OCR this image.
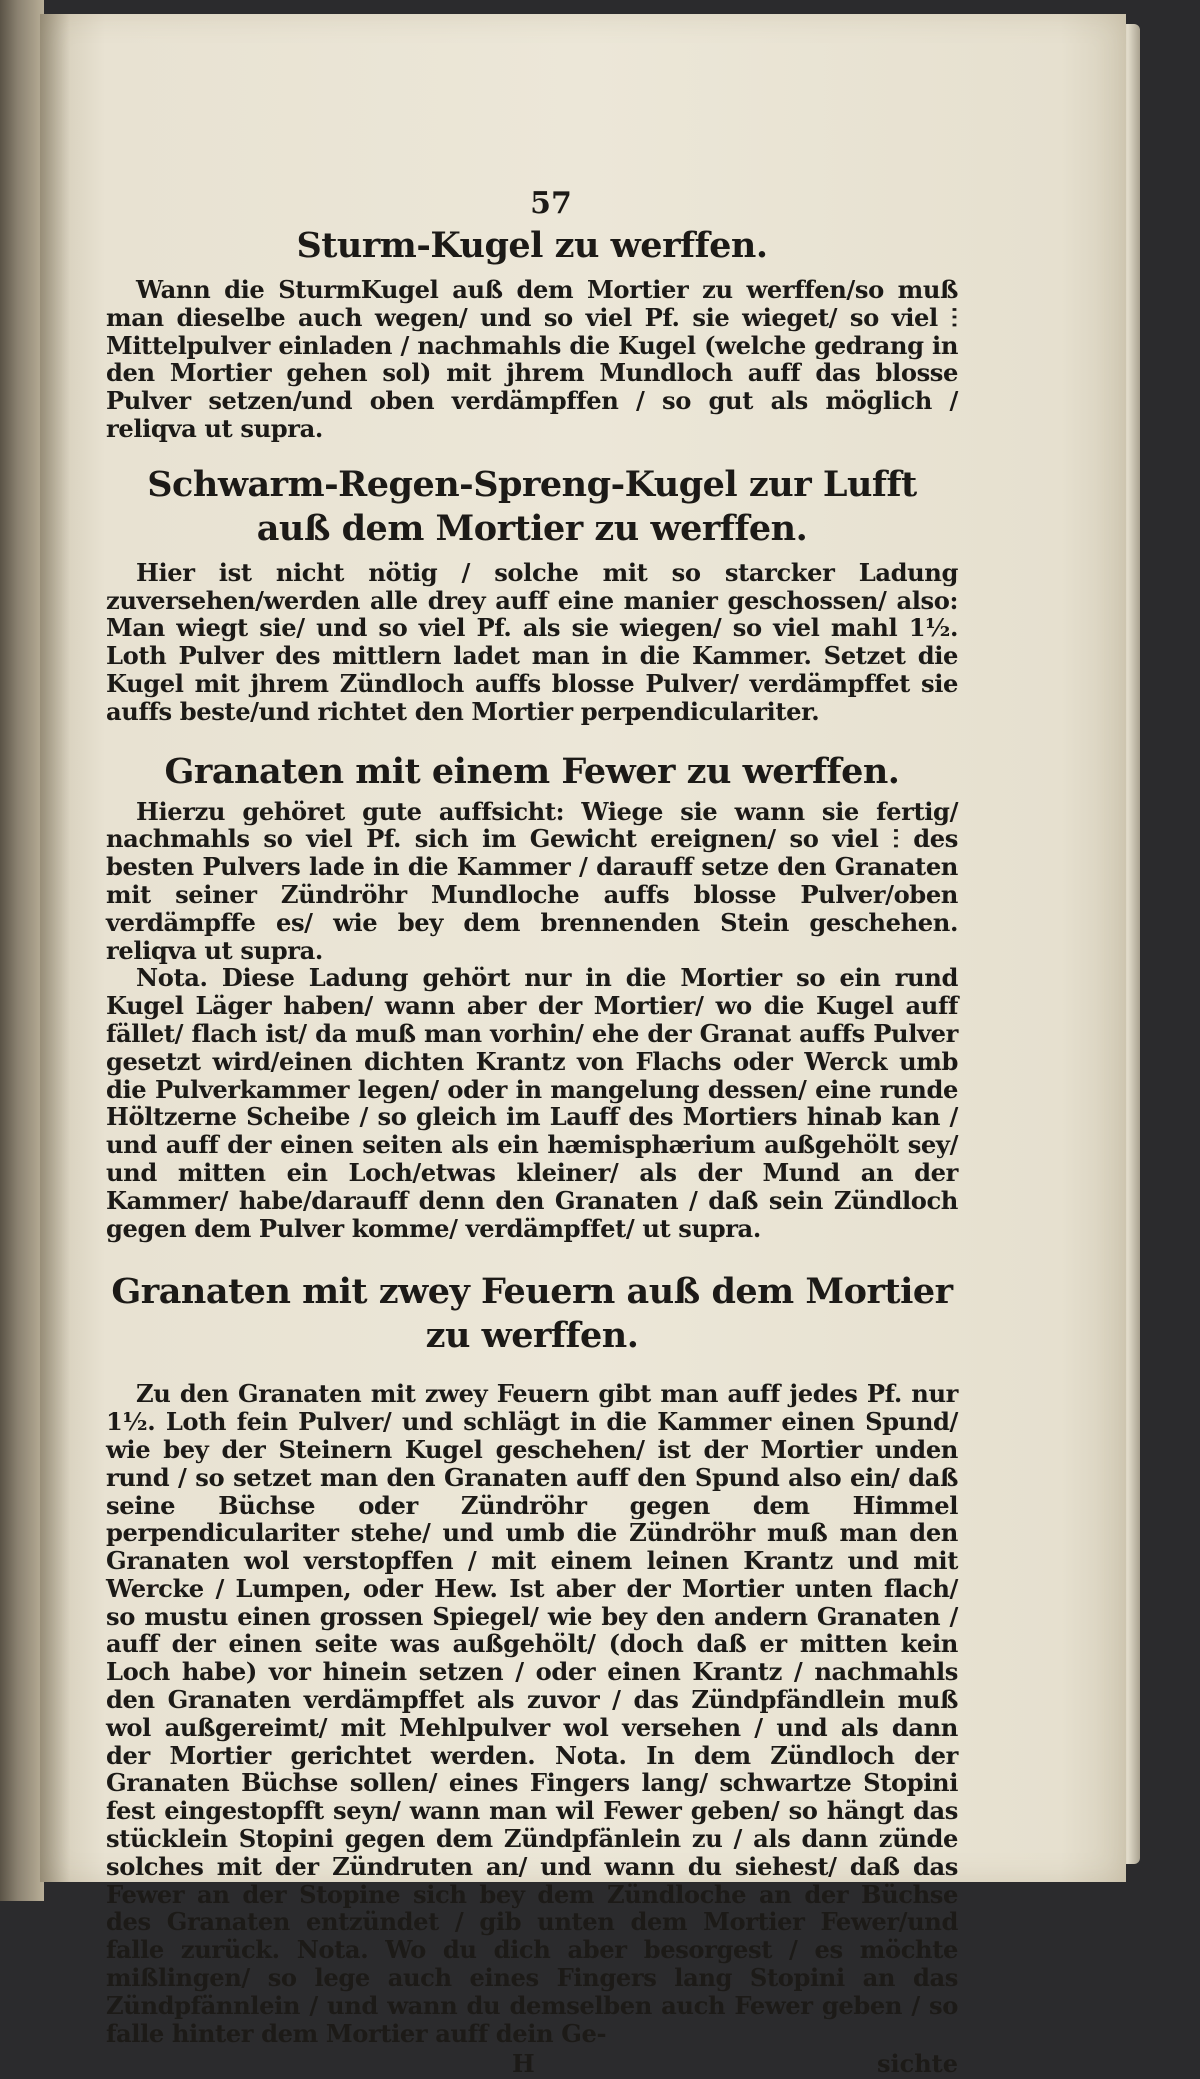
57
Sturm-Kugel zu werffen.

Wann die SturmKugel auß dem Mortier zu werffen/so muß man dieselbe auch wegen/ und so viel Pf. sie wieget/ so viel ⵗ Mittelpulver einladen / nachmahls die Kugel (welche gedrang in den Mortier gehen sol) mit jhrem Mundloch auff das blosse Pulver setzen/und oben verdämpffen / so gut als möglich / reliqva ut supra.

Schwarm-Regen-Spreng-Kugel zur Lufft auß dem Mortier zu werffen.

Hier ist nicht nötig / solche mit so starcker Ladung zuversehen/werden alle drey auff eine manier geschossen/ also: Man wiegt sie/ und so viel Pf. als sie wiegen/ so viel mahl 1½. Loth Pulver des mittlern ladet man in die Kammer. Setzet die Kugel mit jhrem Zündloch auffs blosse Pulver/ verdämpffet sie auffs beste/und richtet den Mortier perpendiculariter.

Granaten mit einem Fewer zu werffen.

Hierzu gehöret gute auffsicht: Wiege sie wann sie fertig/ nachmahls so viel Pf. sich im Gewicht ereignen/ so viel ⵗ des besten Pulvers lade in die Kammer / darauff setze den Granaten mit seiner Zündröhr Mundloche auffs blosse Pulver/oben verdämpffe es/ wie bey dem brennenden Stein geschehen. reliqva ut supra.

Nota. Diese Ladung gehört nur in die Mortier so ein rund Kugel Läger haben/ wann aber der Mortier/ wo die Kugel auff fället/ flach ist/ da muß man vorhin/ ehe der Granat auffs Pulver gesetzt wird/einen dichten Krantz von Flachs oder Werck umb die Pulverkammer legen/ oder in mangelung dessen/ eine runde Höltzerne Scheibe / so gleich im Lauff des Mortiers hinab kan / und auff der einen seiten als ein hæmisphærium außgehölt sey/ und mitten ein Loch/etwas kleiner/ als der Mund an der Kammer/ habe/darauff denn den Granaten / daß sein Zündloch gegen dem Pulver komme/ verdämpffet/ ut supra.

Granaten mit zwey Feuern auß dem Mortier zu werffen.

Zu den Granaten mit zwey Feuern gibt man auff jedes Pf. nur 1½. Loth fein Pulver/ und schlägt in die Kammer einen Spund/ wie bey der Steinern Kugel geschehen/ ist der Mortier unden rund / so setzet man den Granaten auff den Spund also ein/ daß seine Büchse oder Zündröhr gegen dem Himmel perpendiculariter stehe/ und umb die Zündröhr muß man den Granaten wol verstopffen / mit einem leinen Krantz und mit Wercke / Lumpen, oder Hew. Ist aber der Mortier unten flach/ so mustu einen grossen Spiegel/ wie bey den andern Granaten / auff der einen seite was außgehölt/ (doch daß er mitten kein Loch habe) vor hinein setzen / oder einen Krantz / nachmahls den Granaten verdämpffet als zuvor / das Zündpfändlein muß wol außgereimt/ mit Mehlpulver wol versehen / und als dann der Mortier gerichtet werden. Nota. In dem Zündloch der Granaten Büchse sollen/ eines Fingers lang/ schwartze Stopini fest eingestopfft seyn/ wann man wil Fewer geben/ so hängt das stücklein Stopini gegen dem Zündpfänlein zu / als dann zünde solches mit der Zündruten an/ und wann du siehest/ daß das Fewer an der Stopine sich bey dem Zündloche an der Büchse des Granaten entzündet / gib unten dem Mortier Fewer/und falle zurück. Nota. Wo du dich aber besorgest / es möchte mißlingen/ so lege auch eines Fingers lang Stopini an das Zündpfännlein / und wann du demselben auch Fewer geben / so falle hinter dem Mortier auff dein Ge-

H	sichte
